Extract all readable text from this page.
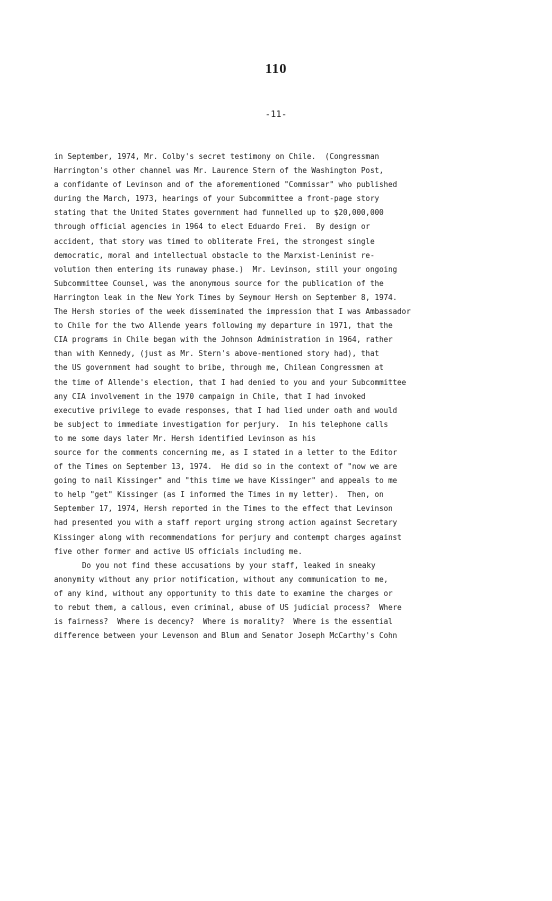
110
-11-
in September, 1974, Mr. Colby's secret testimony on Chile.  (Congressman
Harrington's other channel was Mr. Laurence Stern of the Washington Post,
a confidante of Levinson and of the aforementioned "Commissar" who published
during the March, 1973, hearings of your Subcommittee a front-page story
stating that the United States government had funnelled up to $20,000,000
through official agencies in 1964 to elect Eduardo Frei.  By design or
accident, that story was timed to obliterate Frei, the strongest single
democratic, moral and intellectual obstacle to the Marxist-Leninist re-
volution then entering its runaway phase.)  Mr. Levinson, still your ongoing
Subcommittee Counsel, was the anonymous source for the publication of the
Harrington leak in the New York Times by Seymour Hersh on September 8, 1974.
The Hersh stories of the week disseminated the impression that I was Ambassador
to Chile for the two Allende years following my departure in 1971, that the
CIA programs in Chile began with the Johnson Administration in 1964, rather
than with Kennedy, (just as Mr. Stern's above-mentioned story had), that
the US government had sought to bribe, through me, Chilean Congressmen at
the time of Allende's election, that I had denied to you and your Subcommittee
any CIA involvement in the 1970 campaign in Chile, that I had invoked
executive privilege to evade responses, that I had lied under oath and would
be subject to immediate investigation for perjury.  In his telephone calls
to me some days later Mr. Hersh identified Levinson as his
source for the comments concerning me, as I stated in a letter to the Editor
of the Times on September 13, 1974.  He did so in the context of "now we are
going to nail Kissinger" and "this time we have Kissinger" and appeals to me
to help "get" Kissinger (as I informed the Times in my letter).  Then, on
September 17, 1974, Hersh reported in the Times to the effect that Levinson
had presented you with a staff report urging strong action against Secretary
Kissinger along with recommendations for perjury and contempt charges against
five other former and active US officials including me.
Do you not find these accusations by your staff, leaked in sneaky
anonymity without any prior notification, without any communication to me,
of any kind, without any opportunity to this date to examine the charges or
to rebut them, a callous, even criminal, abuse of US judicial process?  Where
is fairness?  Where is decency?  Where is morality?  Where is the essential
difference between your Levenson and Blum and Senator Joseph McCarthy's Cohn
